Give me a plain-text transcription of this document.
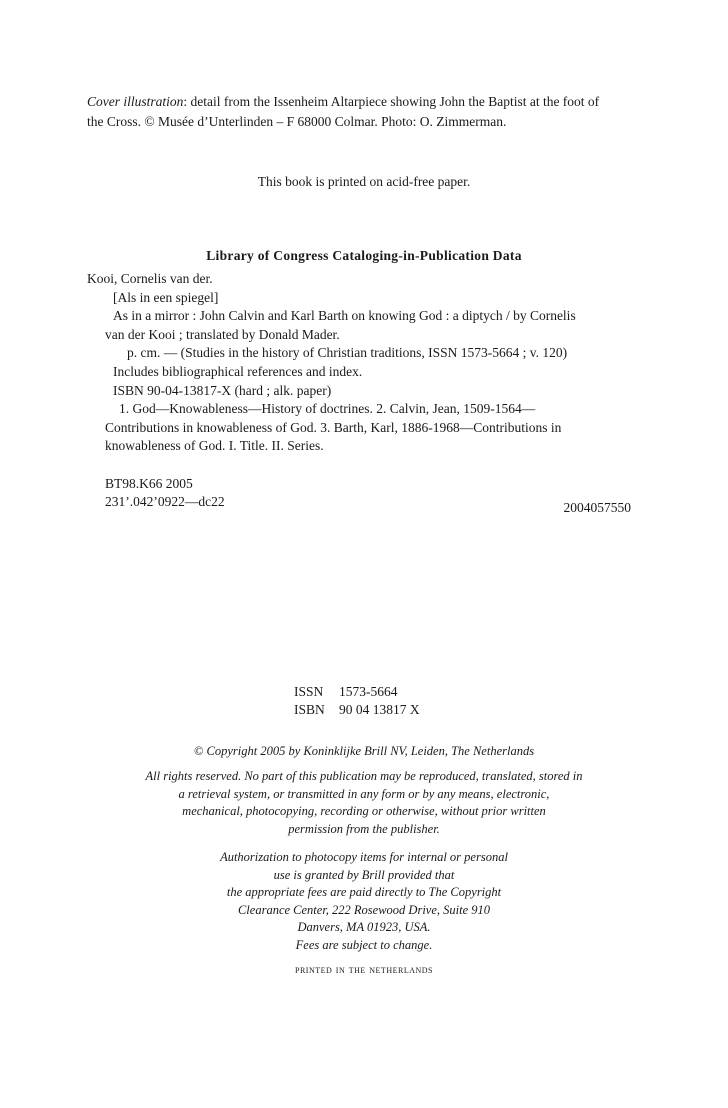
Cover illustration: detail from the Issenheim Altarpiece showing John the Baptist at the foot of
the Cross. © Musée d’Unterlinden – F 68000 Colmar. Photo: O. Zimmerman.
This book is printed on acid-free paper.
Library of Congress Cataloging-in-Publication Data
Kooi, Cornelis van der.
[Als in een spiegel]
As in a mirror : John Calvin and Karl Barth on knowing God : a diptych / by Cornelis
van der Kooi ; translated by Donald Mader.
p. cm. — (Studies in the history of Christian traditions, ISSN 1573-5664 ; v. 120)
Includes bibliographical references and index.
ISBN 90-04-13817-X (hard ; alk. paper)
1. God—Knowableness—History of doctrines. 2. Calvin, Jean, 1509-1564—
Contributions in knowableness of God. 3. Barth, Karl, 1886-1968—Contributions in
knowableness of God. I. Title. II. Series.

BT98.K66 2005
231’.042’0922—dc22	2004057550
ISSN 1573-5664
ISBN 90 04 13817 X
© Copyright 2005 by Koninklijke Brill NV, Leiden, The Netherlands
All rights reserved. No part of this publication may be reproduced, translated, stored in
a retrieval system, or transmitted in any form or by any means, electronic,
mechanical, photocopying, recording or otherwise, without prior written
permission from the publisher.
Authorization to photocopy items for internal or personal
use is granted by Brill provided that
the appropriate fees are paid directly to The Copyright
Clearance Center, 222 Rosewood Drive, Suite 910
Danvers, MA 01923, USA.
Fees are subject to change.
printed in the netherlands
